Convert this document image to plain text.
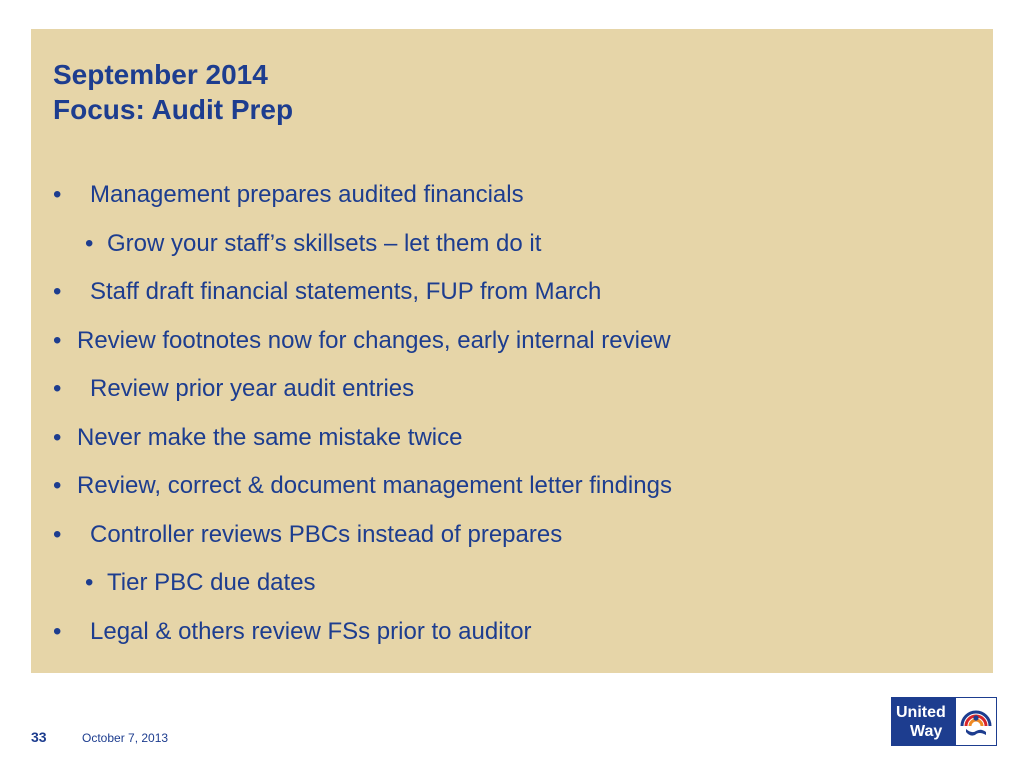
September 2014
Focus: Audit Prep
•	Management prepares audited financials
• Grow your staff’s skillsets – let them do it
•	Staff draft financial statements, FUP from March
• Review footnotes now for changes, early internal review
•	Review prior year audit entries
• Never make the same mistake twice
• Review, correct & document management letter findings
•	Controller reviews PBCs instead of prepares
• Tier PBC due dates
•	Legal & others review FSs prior to auditor
33	October 7, 2013
United
Way
